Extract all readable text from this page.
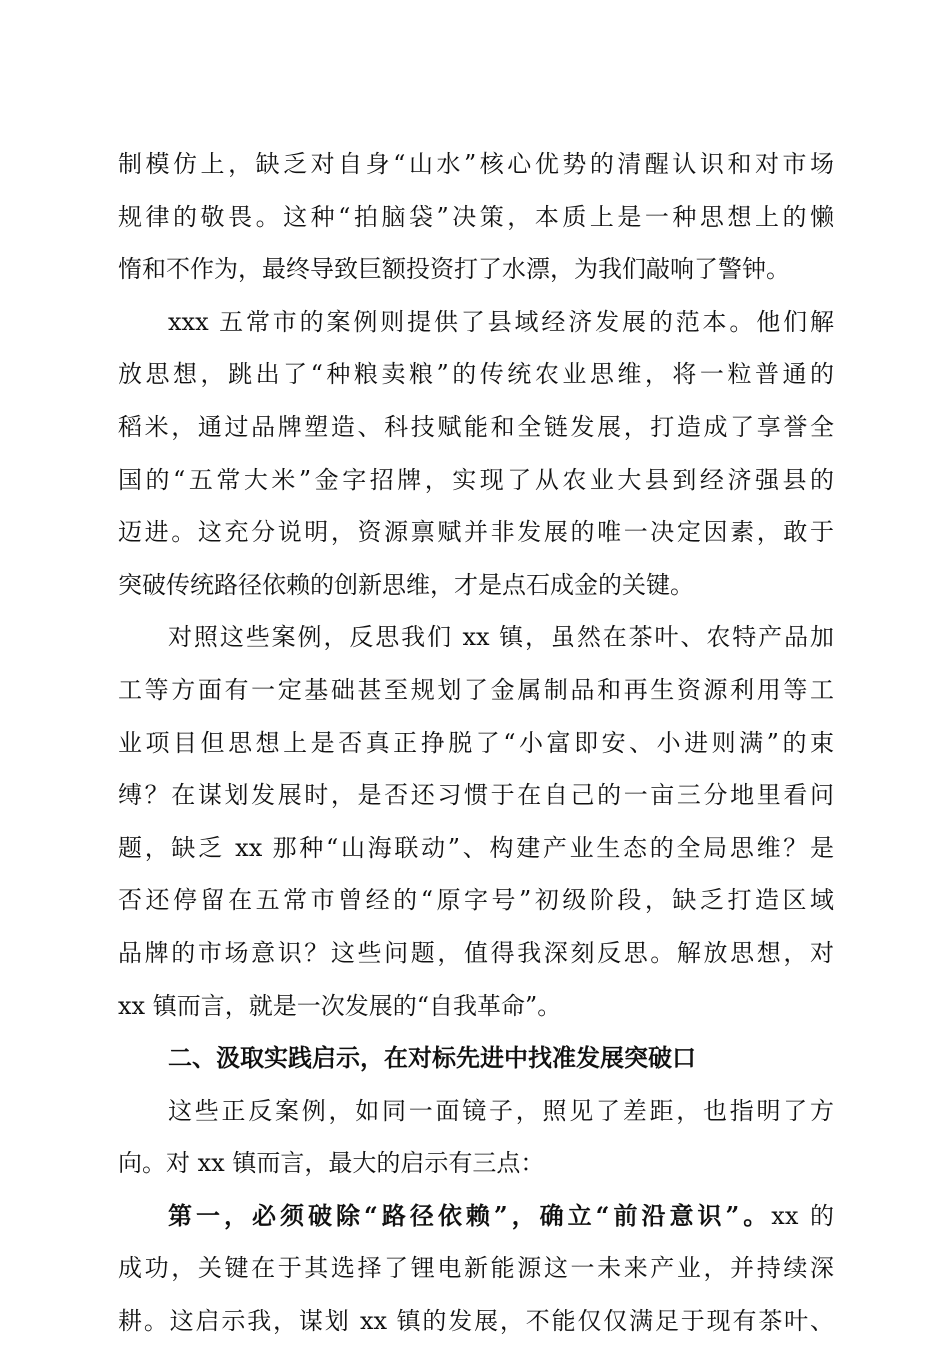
制模仿上，缺乏对自身“山水”核心优势的清醒认识和对市场
规律的敬畏。这种“拍脑袋”决策，本质上是一种思想上的懒
惰和不作为，最终导致巨额投资打了水漂，为我们敲响了警钟。
xxx 五常市的案例则提供了县域经济发展的范本。他们解
放思想，跳出了“种粮卖粮”的传统农业思维，将一粒普通的
稻米，通过品牌塑造、科技赋能和全链发展，打造成了享誉全
国的“五常大米”金字招牌，实现了从农业大县到经济强县的
迈进。这充分说明，资源禀赋并非发展的唯一决定因素，敢于
突破传统路径依赖的创新思维，才是点石成金的关键。
对照这些案例，反思我们 xx 镇，虽然在茶叶、农特产品加
工等方面有一定基础甚至规划了金属制品和再生资源利用等工
业项目但思想上是否真正挣脱了“小富即安、小进则满”的束
缚？在谋划发展时，是否还习惯于在自己的一亩三分地里看问
题，缺乏 xx 那种“山海联动”、构建产业生态的全局思维？是
否还停留在五常市曾经的“原字号”初级阶段，缺乏打造区域
品牌的市场意识？这些问题，值得我深刻反思。解放思想，对
xx 镇而言，就是一次发展的“自我革命”。
二、汲取实践启示，在对标先进中找准发展突破口
这些正反案例，如同一面镜子，照见了差距，也指明了方
向。对 xx 镇而言，最大的启示有三点：
第一，必须破除“路径依赖”，确立“前沿意识”。xx 的
成功，关键在于其选择了锂电新能源这一未来产业，并持续深
耕。这启示我，谋划 xx 镇的发展，不能仅仅满足于现有茶叶、
